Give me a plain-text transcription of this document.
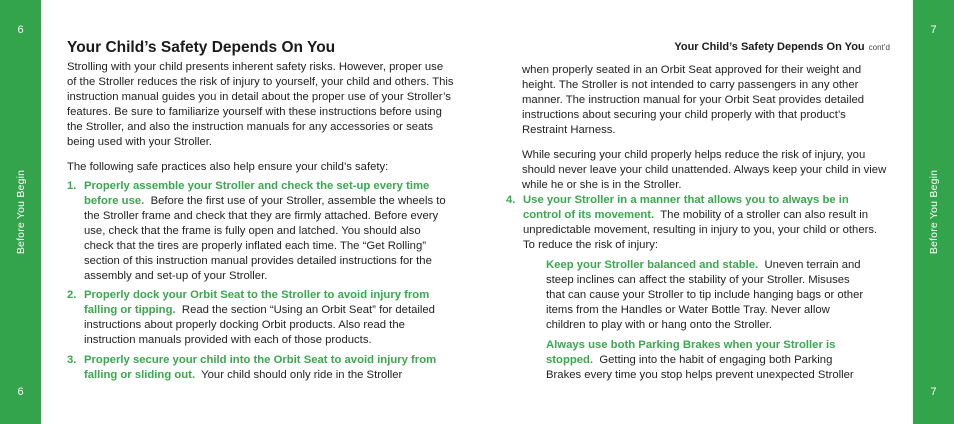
6
Before You Begin
6
7
Before You Begin
7
Your Child’s Safety Depends On You

Strolling with your child presents inherent safety risks. However, proper use of the Stroller reduces the risk of injury to yourself, your child and others. This instruction manual guides you in detail about the proper use of your Stroller’s features. Be sure to familiarize yourself with these instructions before using the Stroller, and also the instruction manuals for any accessories or seats being used with your Stroller.

The following safe practices also help ensure your child’s safety:

1. Properly assemble your Stroller and check the set-up every time before use. Before the first use of your Stroller, assemble the wheels to the Stroller frame and check that they are firmly attached. Before every use, check that the frame is fully open and latched. You should also check that the tires are properly inflated each time. The “Get Rolling” section of this instruction manual provides detailed instructions for the assembly and set-up of your Stroller.
2. Properly dock your Orbit Seat to the Stroller to avoid injury from falling or tipping. Read the section “Using an Orbit Seat” for detailed instructions about properly docking Orbit products. Also read the instruction manuals provided with each of those products.
3. Properly secure your child into the Orbit Seat to avoid injury from falling or sliding out. Your child should only ride in the Stroller
Your Child’s Safety Depends On You cont’d

when properly seated in an Orbit Seat approved for their weight and height. The Stroller is not intended to carry passengers in any other manner. The instruction manual for your Orbit Seat provides detailed instructions about securing your child properly with that product’s Restraint Harness.

While securing your child properly helps reduce the risk of injury, you should never leave your child unattended. Always keep your child in view while he or she is in the Stroller.

4. Use your Stroller in a manner that allows you to always be in control of its movement. The mobility of a stroller can also result in unpredictable movement, resulting in injury to you, your child or others. To reduce the risk of injury:
Keep your Stroller balanced and stable. Uneven terrain and steep inclines can affect the stability of your Stroller. Misuses that can cause your Stroller to tip include hanging bags or other items from the Handles or Water Bottle Tray. Never allow children to play with or hang onto the Stroller.
Always use both Parking Brakes when your Stroller is stopped. Getting into the habit of engaging both Parking Brakes every time you stop helps prevent unexpected Stroller
